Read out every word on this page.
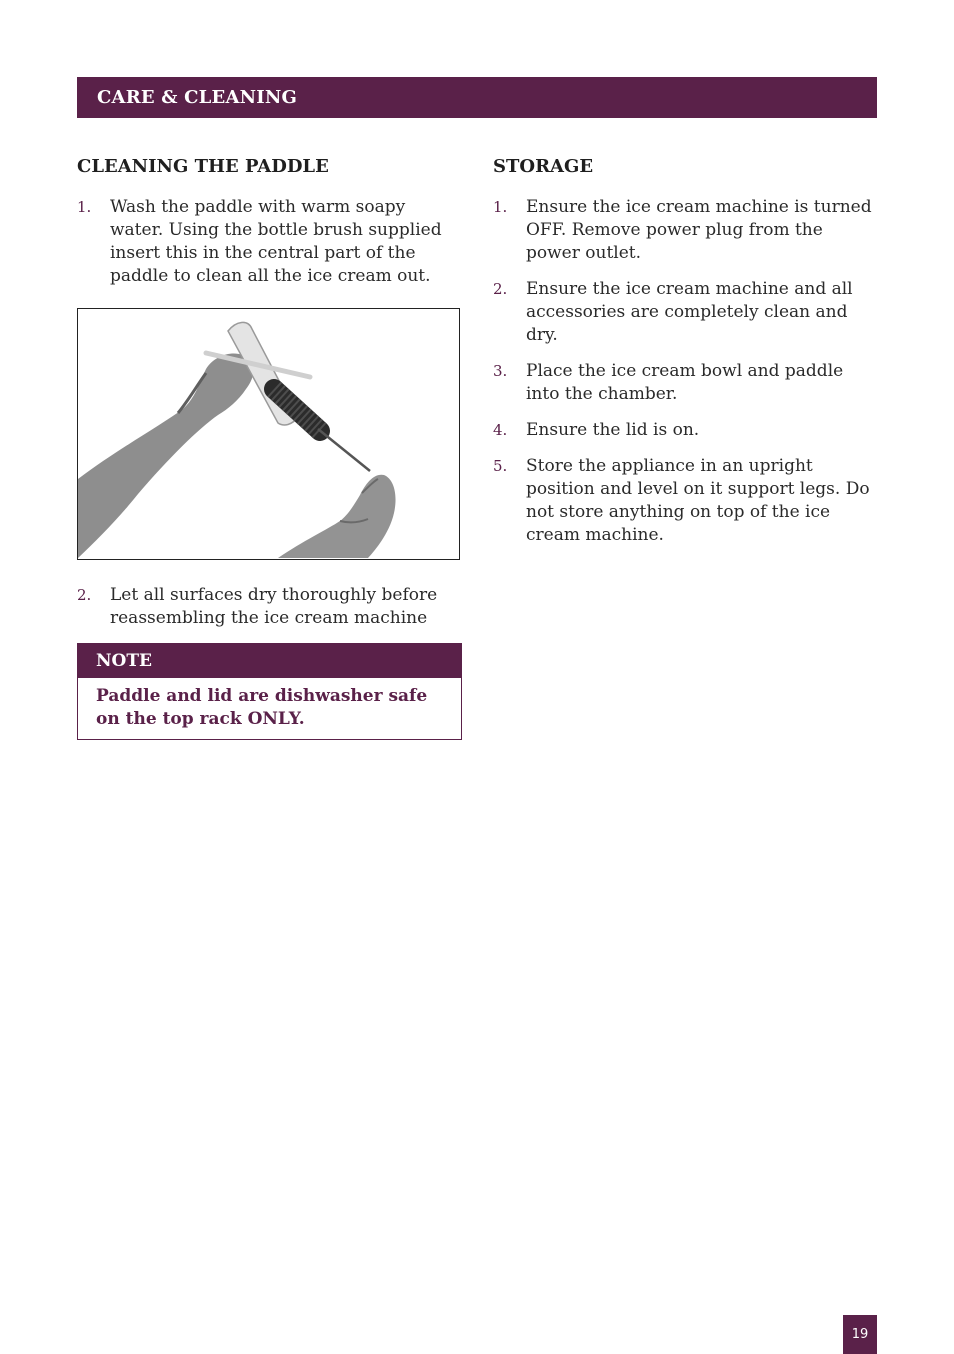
CARE & CLEANING
CLEANING THE PADDLE
1.	Wash the paddle with warm soapy water. Using the bottle brush supplied insert this in the central part of the paddle to clean all the ice cream out.
2.	Let all surfaces dry thoroughly before reassembling the ice cream machine
NOTE
Paddle and lid are dishwasher safe on the top rack ONLY.
STORAGE
1.	Ensure the ice cream machine is turned OFF. Remove power plug from the power outlet.
2.	Ensure the ice cream machine and all accessories are completely clean and dry.
3.	Place the ice cream bowl and paddle into the chamber.
4.	Ensure the lid is on.
5.	Store the appliance in an upright position and level on it support legs. Do not store anything on top of the ice cream machine.
19
